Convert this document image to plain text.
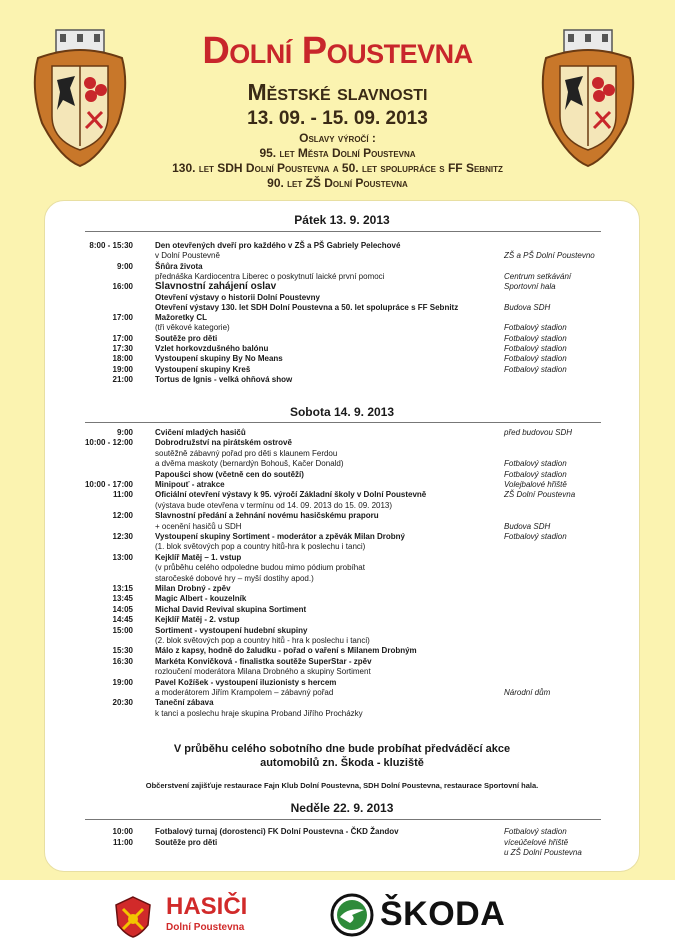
Dolní Poustevna
Městské slavnosti
13. 09. - 15. 09. 2013
Oslavy výročí :
95. let Města Dolní Poustevna
130. let SDH Dolní Poustevna a 50. let spolupráce s FF Sebnitz
90. let ZŠ Dolní Poustevna
Pátek 13. 9. 2013
8:00 - 15:30	Den otevřených dveří pro každého v ZŠ a PŠ Gabriely Pelechové
v Dolní Poustevně	ZŠ a PŠ Dolní Poustevno
9:00	Šňůra života
přednáška Kardiocentra Liberec o poskytnutí laické první pomoci	Centrum setkávání
16:00 Slavnostní zahájení oslav	Sportovní hala
Otevření výstavy o historii Dolní Poustevny
Otevření výstavy 130. let SDH Dolní Poustevna a 50. let spolupráce s FF Sebnitz	Budova SDH
17:00	Mažoretky CL
(tři věkové kategorie)	Fotbalový stadion
17:00	Soutěže pro děti	Fotbalový stadion
17:30	Vzlet horkovzdušného balónu	Fotbalový stadion
18:00	Vystoupení skupiny By No Means	Fotbalový stadion
19:00	Vystoupení skupiny Kreš	Fotbalový stadion
21:00	Tortus de Ignis - velká ohňová show
Sobota 14. 9. 2013
9:00	Cvičení mladých hasičů	před budovou SDH
10:00 - 12:00	Dobrodružství na pirátském ostrově
soutěžně zábavný pořad pro děti s klaunem Ferdou
a dvěma maskoty (bernardýn Bohouš, Kačer Donald)	Fotbalový stadion
Papoušci show (včetně cen do soutěží)	Fotbalový stadion
10:00 - 17:00	Minipouť - atrakce	Volejbalové hřiště
11:00	Oficiální otevření výstavy k 95. výročí Základní školy v Dolní Poustevně	ZŠ Dolní Poustevna
(výstava bude otevřena v termínu od 14. 09. 2013 do 15. 09. 2013)
12:00	Slavnostní předání a žehnání novému hasičskému praporu
+ ocenění hasičů u SDH	Budova SDH
12:30	Vystoupení skupiny Sortiment - moderátor a zpěvák Milan Drobný	Fotbalový stadion
(1. blok světových pop a country hitů-hra k poslechu i tanci)
13:00	Kejklíř Matěj – 1. vstup
(v průběhu celého odpoledne budou mimo pódium probíhat
staročeské dobové hry – myší dostihy apod.)
13:15	Milan Drobný - zpěv
13:45	Magic Albert - kouzelník
14:05	Michal David Revival skupina Sortiment
14:45	Kejklíř Matěj - 2. vstup
15:00	Sortiment - vystoupení hudební skupiny
(2. blok světových pop a country hitů - hra k poslechu i tanci)
15:30	Málo z kapsy, hodně do žaludku - pořad o vaření s Milanem Drobným
16:30	Markéta Konvičková - finalistka soutěže SuperStar - zpěv
rozloučení moderátora Milana Drobného a skupiny Sortiment
19:00	Pavel Kožíšek - vystoupení iluzionisty s hercem
a moderátorem Jiřím Krampolem – zábavný pořad	Národní dům
20:30	Taneční zábava
k tanci a poslechu hraje skupina Proband Jiřího Procházky
V průběhu celého sobotního dne bude probíhat předváděcí akce
automobilů zn. Škoda - kluziště
Občerstvení zajišťuje restaurace Fajn Klub Dolní Poustevna, SDH Dolní Poustevna, restaurace Sportovní hala.
Neděle 22. 9. 2013
10:00	Fotbalový turnaj (dorostenci) FK Dolní Poustevna - ČKD Žandov	Fotbalový stadion
11:00	Soutěže pro děti	víceúčelové hřiště
u ZŠ Dolní Poustevna
HASIČI
Dolní Poustevna	ŠKODA
